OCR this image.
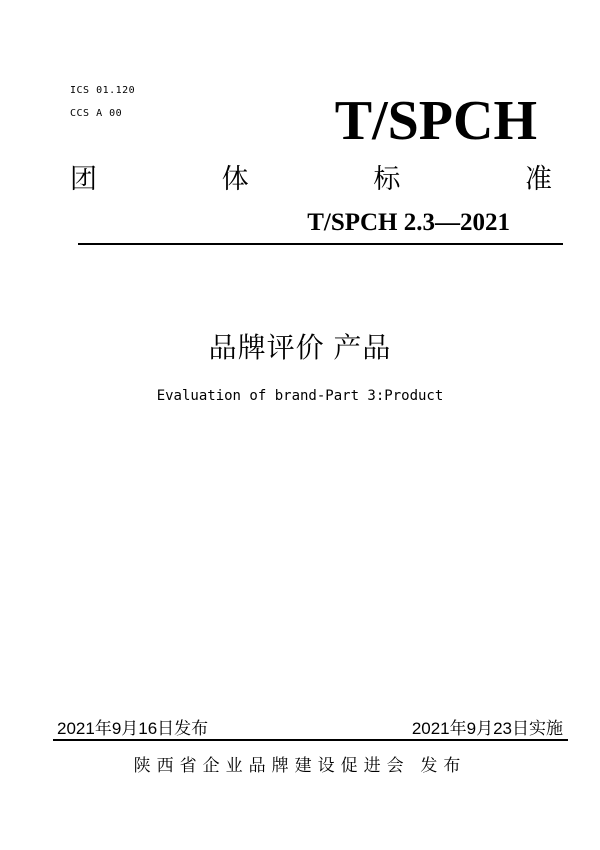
ICS 01.120
CCS A 00	T/SPCH
团	体	标	准
T/SPCH 2.3—2021
品牌评价 产品
Evaluation of brand-Part 3:Product
2021年9月16日发布	2021年9月23日实施
陕西省企业品牌建设促进会 发布
